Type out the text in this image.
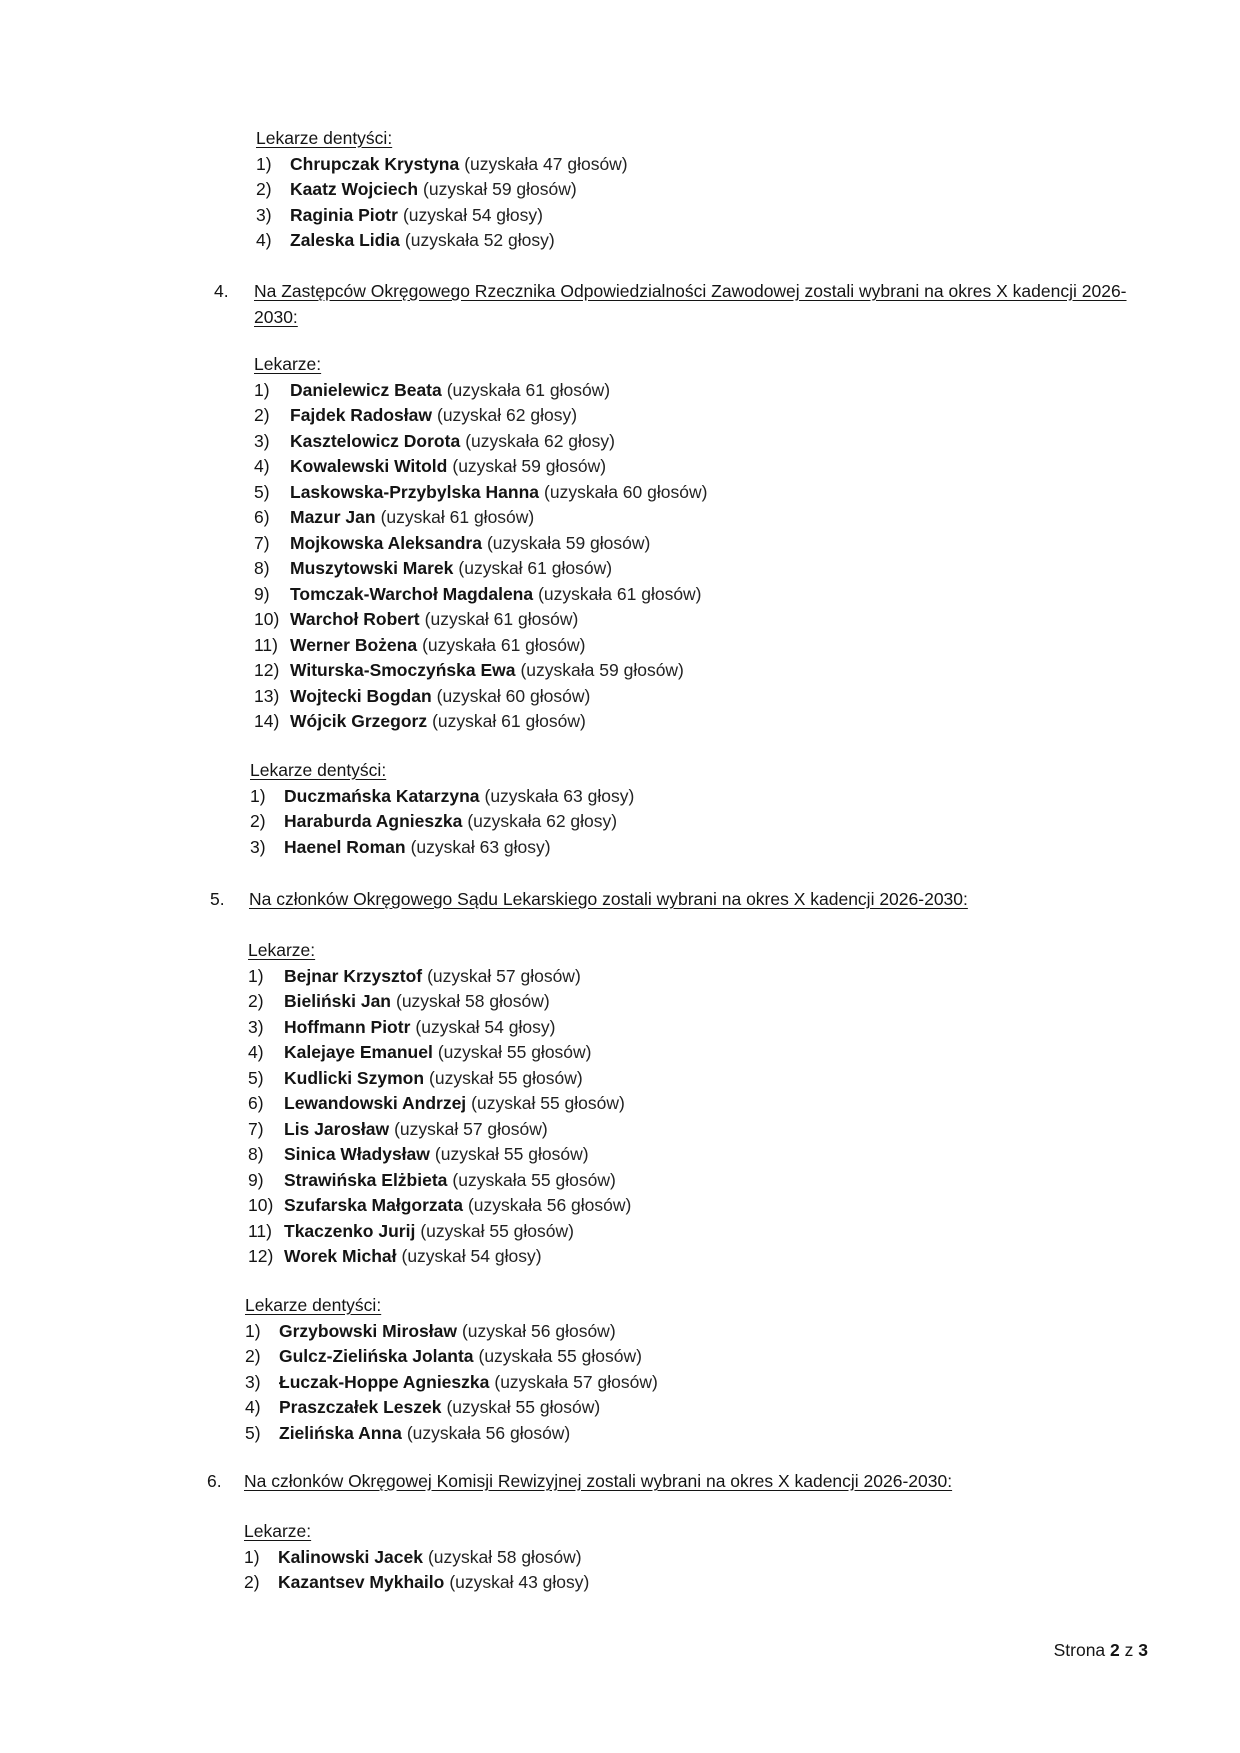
Lekarze dentyści:
1)	Chrupczak Krystyna (uzyskała 47 głosów)
2)	Kaatz Wojciech (uzyskał 59 głosów)
3)	Raginia Piotr (uzyskał 54 głosy)
4)	Zaleska Lidia (uzyskała 52 głosy)
4. Na Zastępców Okręgowego Rzecznika Odpowiedzialności Zawodowej zostali wybrani na okres X kadencji 2026-2030:
Lekarze:
1)	Danielewicz Beata (uzyskała 61 głosów)
2)	Fajdek Radosław (uzyskał 62 głosy)
3)	Kasztelowicz Dorota (uzyskała 62 głosy)
4)	Kowalewski Witold (uzyskał 59 głosów)
5)	Laskowska-Przybylska Hanna (uzyskała 60 głosów)
6)	Mazur Jan (uzyskał 61 głosów)
7)	Mojkowska Aleksandra (uzyskała 59 głosów)
8)	Muszytowski Marek (uzyskał 61 głosów)
9)	Tomczak-Warchoł Magdalena (uzyskała 61 głosów)
10) Warchoł Robert (uzyskał 61 głosów)
11) Werner Bożena (uzyskała 61 głosów)
12) Witurska-Smoczyńska Ewa (uzyskała 59 głosów)
13) Wojtecki Bogdan (uzyskał 60 głosów)
14) Wójcik Grzegorz (uzyskał 61 głosów)
Lekarze dentyści:
1)	Duczmańska Katarzyna (uzyskała 63 głosy)
2)	Haraburda Agnieszka (uzyskała 62 głosy)
3)	Haenel Roman (uzyskał 63 głosy)
5. Na członków Okręgowego Sądu Lekarskiego zostali wybrani na okres X kadencji 2026-2030:
Lekarze:
1)	Bejnar Krzysztof (uzyskał 57 głosów)
2)	Bieliński Jan (uzyskał 58 głosów)
3)	Hoffmann Piotr (uzyskał 54 głosy)
4)	Kalejaye Emanuel (uzyskał 55 głosów)
5)	Kudlicki Szymon (uzyskał 55 głosów)
6)	Lewandowski Andrzej (uzyskał 55 głosów)
7)	Lis Jarosław (uzyskał 57 głosów)
8)	Sinica Władysław (uzyskał 55 głosów)
9)	Strawińska Elżbieta (uzyskała 55 głosów)
10) Szufarska Małgorzata (uzyskała 56 głosów)
11) Tkaczenko Jurij (uzyskał 55 głosów)
12) Worek Michał (uzyskał 54 głosy)
Lekarze dentyści:
1)	Grzybowski Mirosław (uzyskał 56 głosów)
2)	Gulcz-Zielińska Jolanta (uzyskała 55 głosów)
3)	Łuczak-Hoppe Agnieszka (uzyskała 57 głosów)
4)	Praszczałek Leszek (uzyskał 55 głosów)
5)	Zielińska Anna (uzyskała 56 głosów)
6. Na członków Okręgowej Komisji Rewizyjnej zostali wybrani na okres X kadencji 2026-2030:
Lekarze:
1)	Kalinowski Jacek (uzyskał 58 głosów)
2)	Kazantsev Mykhailo (uzyskał 43 głosy)
Strona 2 z 3
